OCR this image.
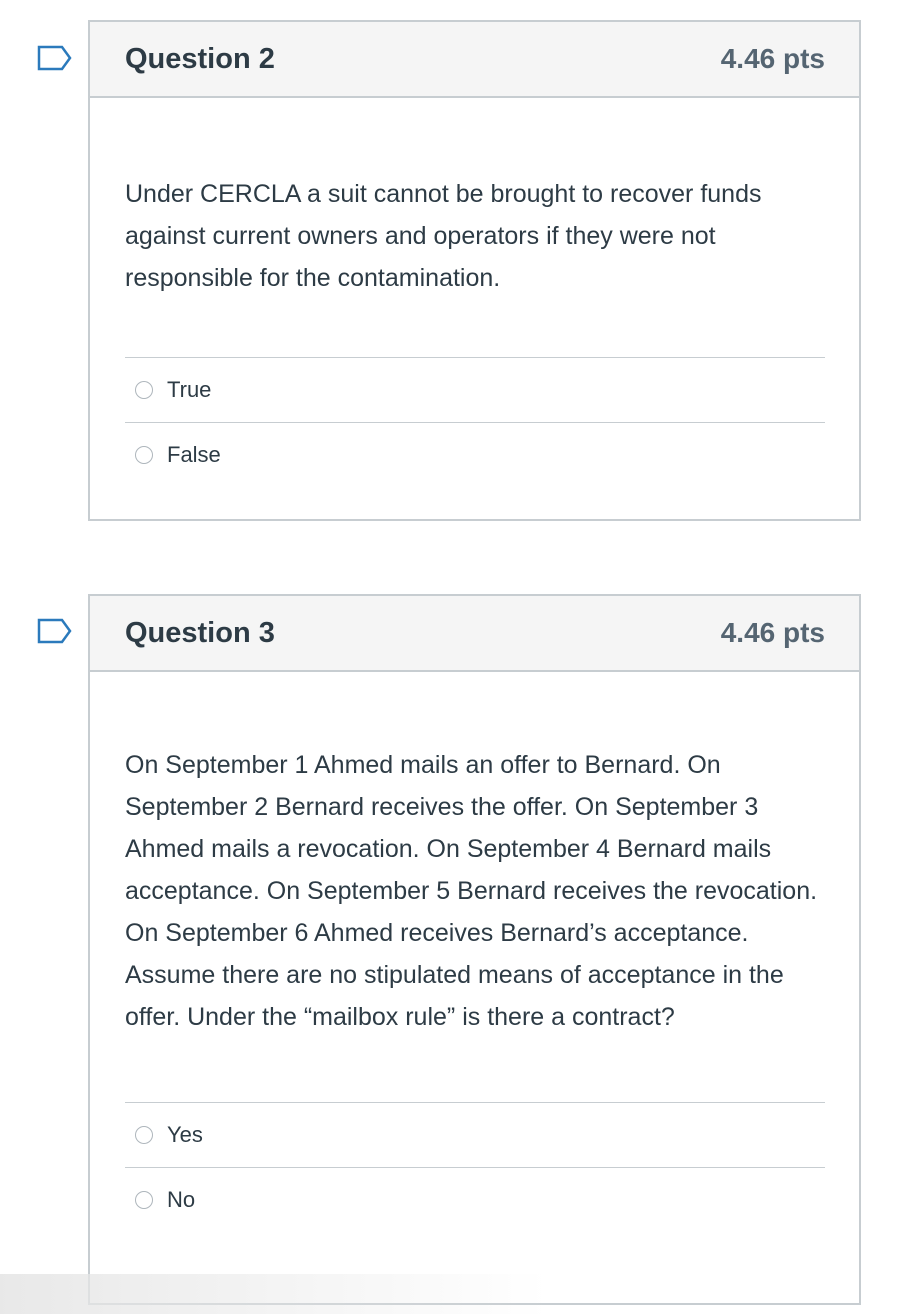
Question 2	4.46 pts

Under CERCLA a suit cannot be brought to recover funds against current owners and operators if they were not responsible for the contamination.

True
False
Question 3	4.46 pts

On September 1 Ahmed mails an offer to Bernard. On September 2 Bernard receives the offer. On September 3 Ahmed mails a revocation. On September 4 Bernard mails acceptance. On September 5 Bernard receives the revocation. On September 6 Ahmed receives Bernard’s acceptance. Assume there are no stipulated means of acceptance in the offer. Under the “mailbox rule” is there a contract?

Yes
No
